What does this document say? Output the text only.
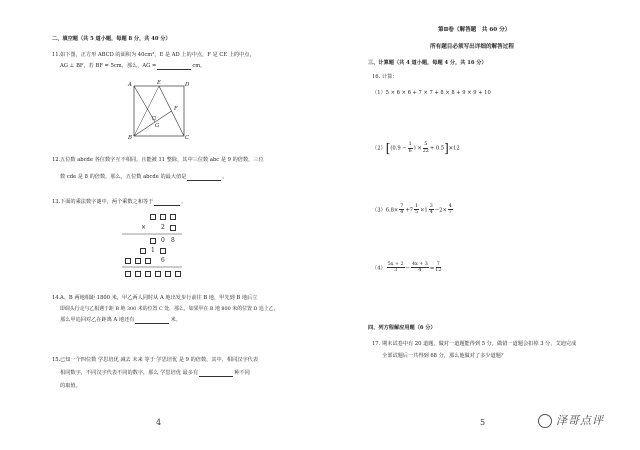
二、填空题（共 5 道小题，每题 8 分，共 40 分）
11. 如下图，正方形 ABCD 的面积为 40cm²，E 是 AD 上的中点，F 是 CE 上的中点，
AG ⊥ BF，若 BF = 5cm，那么，AG =	cm。
A	E	D
F
G
B	C
12. 五位数 abcde 各位数字互不相同，且能被 11 整除，其中三位数 abc 是 9 的倍数，三位
数 cde 是 8 的倍数，那么，五位数 abcde 的最大值是	。
13. 下面的乘法数字谜中，两个乘数之和等于	。
× 2
0 8
1
6
14. A、B 两地相距 1800 米，甲乙两人同时从 A 地出发步行前往 B 地，甲先到 B 地后立
即调头行走与乙相遇于距 B 地 300 米的位置 C 处，那么，如果甲在 B 地 800 米的位置 D 追上乙，
那么甲追回对乙在距离 A 地还有	米。
15. 已知一个四位数 学思培优 减去 未来 等于 学思培优 是 9 的倍数，其中，相同汉字代表
相同数字，不同汉字代表不同的数字，那么 学思培优 最多有	种不同
的取值。
4
第Ⅱ卷（解答题　共 60 分）
所有题目必须写出详细的解答过程
三、计算题（共 4 道小题，每题 4 分，共 16 分）
16. 计算：
（1）5 × 6 × 6 + 7 × 7 + 8 × 8 + 9 × 9 + 10
$(2)[(0.9 - \frac{1}{6}$ ) × $\frac{5}{22} + 0.5]\times 12$
$(3)6.8\times \frac{7}{4} +7 \frac{1}{5} \times 1 \frac{3}{4} -2\times \frac{4}{7}$
$(4) \frac{5x + 2}{3} - \frac{4x + 3}{4} = \frac{7}{12}$
四、列方程解应用题（6 分）
17. 期末试卷中有 20 道题，做对一道题能得到 5 分，做错一道题会扣掉 3 分，艾迪完成
全部试题后一共得到 68 分，那么他做对了多少道题？
5	泽哥点评
